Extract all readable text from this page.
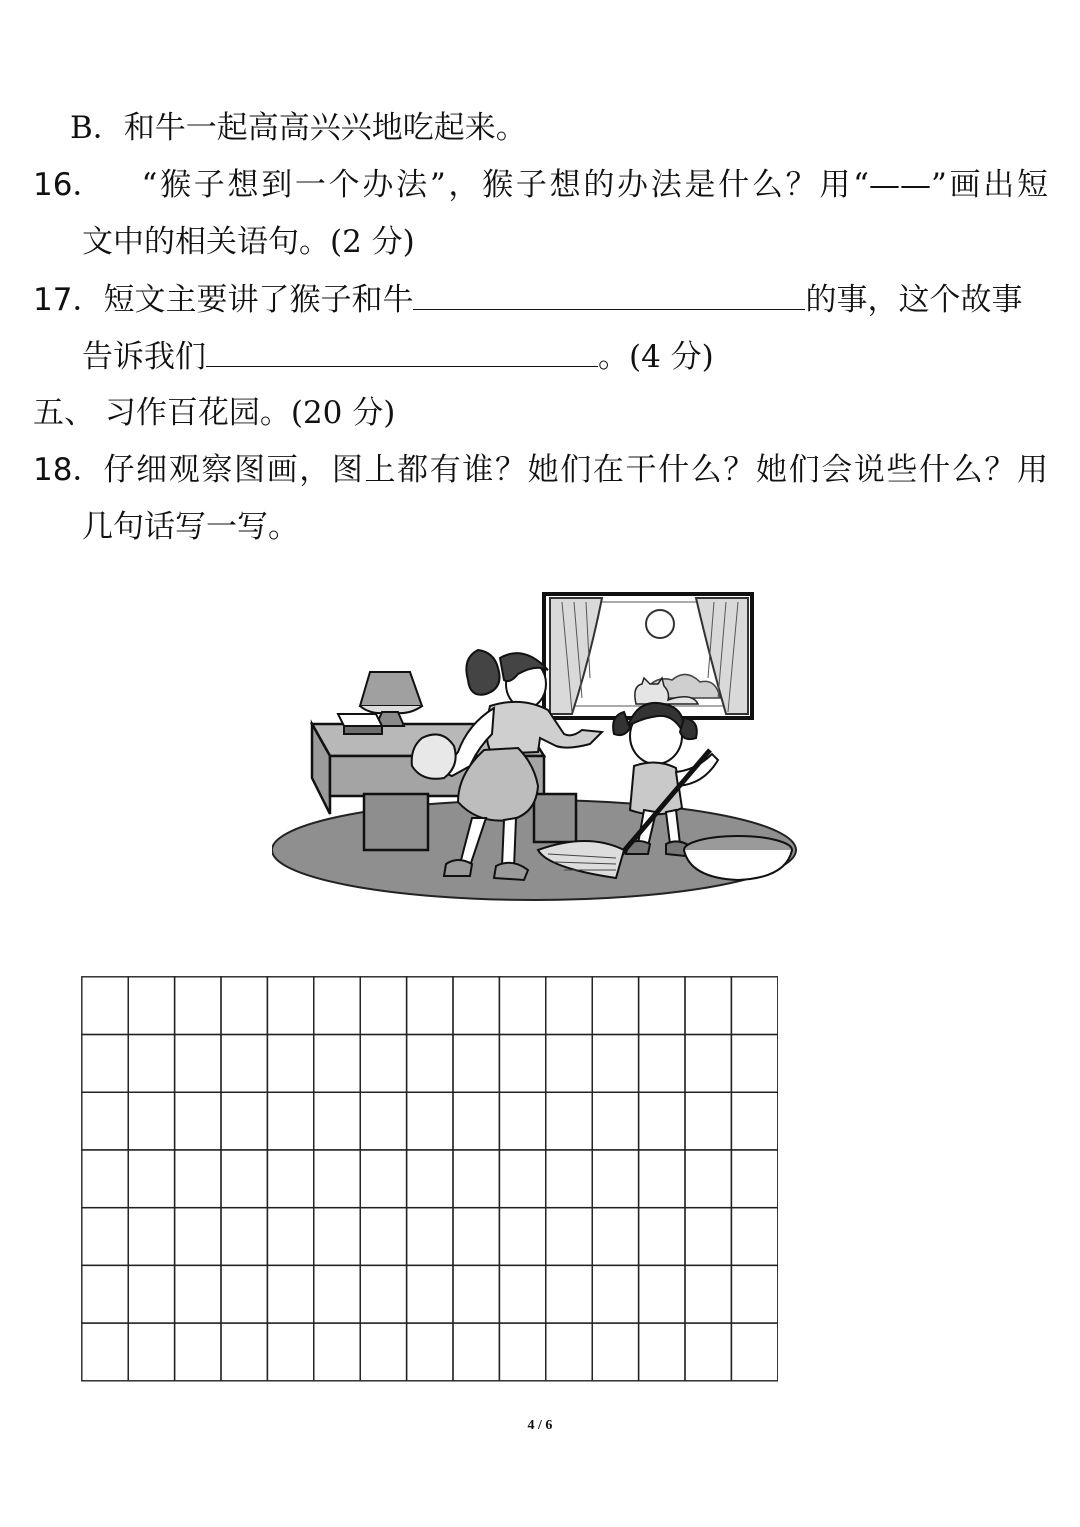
B．和牛一起高高兴兴地吃起来。
16． “猴子想到一个办法”，猴子想的办法是什么？用“——”画出短
文中的相关语句。(2 分)
17．短文主要讲了猴子和牛	的事，这个故事
告诉我们	。(4 分)
五、 习作百花园。(20 分)
18． 仔细观察图画，图上都有谁？她们在干什么？她们会说些什么？用
几句话写一写。
4 / 6
